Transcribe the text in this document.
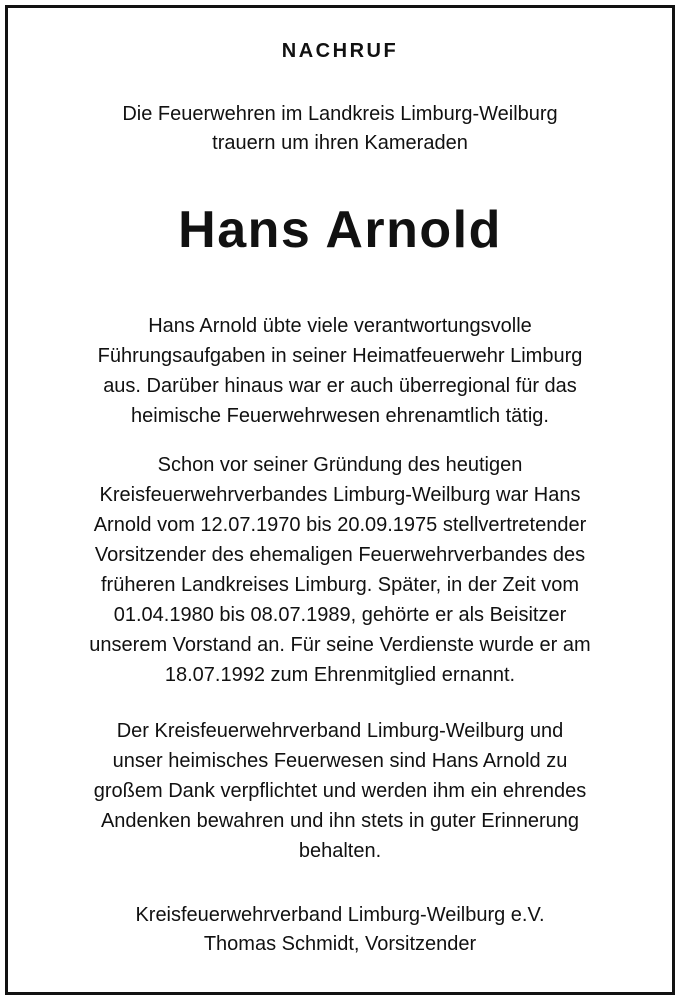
NACHRUF
Die Feuerwehren im Landkreis Limburg-Weilburg
trauern um ihren Kameraden
Hans Arnold
Hans Arnold übte viele verantwortungsvolle
Führungsaufgaben in seiner Heimatfeuerwehr Limburg
aus. Darüber hinaus war er auch überregional für das
heimische Feuerwehrwesen ehrenamtlich tätig.
Schon vor seiner Gründung des heutigen
Kreisfeuerwehrverbandes Limburg-Weilburg war Hans
Arnold vom 12.07.1970 bis 20.09.1975 stellvertretender
Vorsitzender des ehemaligen Feuerwehrverbandes des
früheren Landkreises Limburg. Später, in der Zeit vom
01.04.1980 bis 08.07.1989, gehörte er als Beisitzer
unserem Vorstand an. Für seine Verdienste wurde er am
18.07.1992 zum Ehrenmitglied ernannt.
Der Kreisfeuerwehrverband Limburg-Weilburg und
unser heimisches Feuerwesen sind Hans Arnold zu
großem Dank verpflichtet und werden ihm ein ehrendes
Andenken bewahren und ihn stets in guter Erinnerung
behalten.
Kreisfeuerwehrverband Limburg-Weilburg e.V.
Thomas Schmidt, Vorsitzender
